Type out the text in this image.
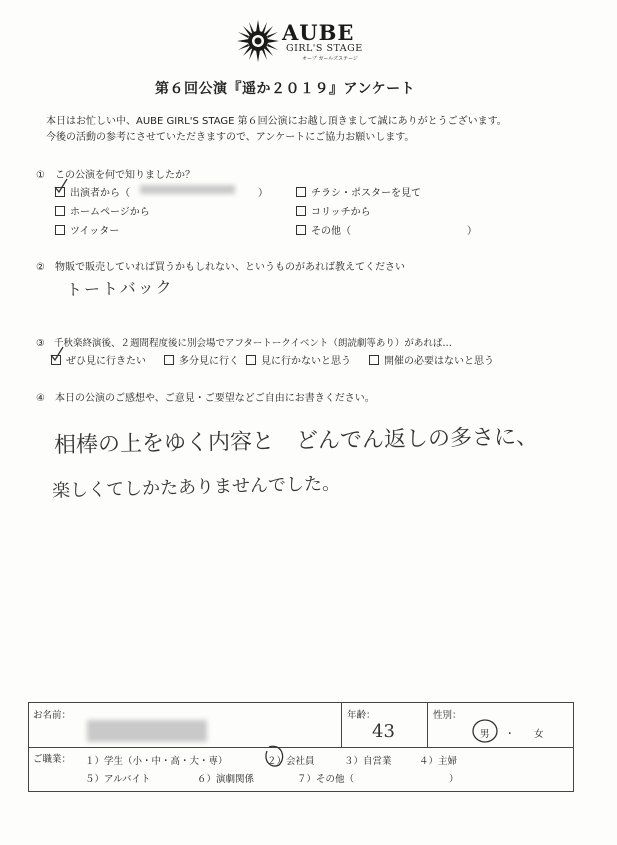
AUBE
GIRL'S STAGE
オーブ ガールズステージ
第６回公演『遥か２０１９』アンケート
本日はお忙しい中、AUBE GIRL'S STAGE 第６回公演にお越し頂きまして誠にありがとうございます。
今後の活動の参考にさせていただきますので、アンケートにご協力お願いします。
①　この公演を何で知りましたか？
出演者から（	）
ホームページから
ツイッター
チラシ・ポスターを見て
コリッチから
その他（	）
②　物販で販売していれば買うかもしれない、というものがあれば教えてください
トートバック
③　千秋楽終演後、２週間程度後に別会場でアフタートークイベント（朗読劇等あり）があれば…
ぜひ見に行きたい	多分見に行く	見に行かないと思う	開催の必要はないと思う
④　本日の公演のご感想や、ご意見・ご要望などご自由にお書きください。
相棒の上をゆく内容と　どんでん返しの多さに、
楽しくてしかたありませんでした。
お名前：	年齢：
43
性別：
男 ・ 女
ご職業： １）学生（小・中・高・大・専）	２）会社員	３）自営業	４）主婦
５）アルバイト	６）演劇関係	７）その他（	）
